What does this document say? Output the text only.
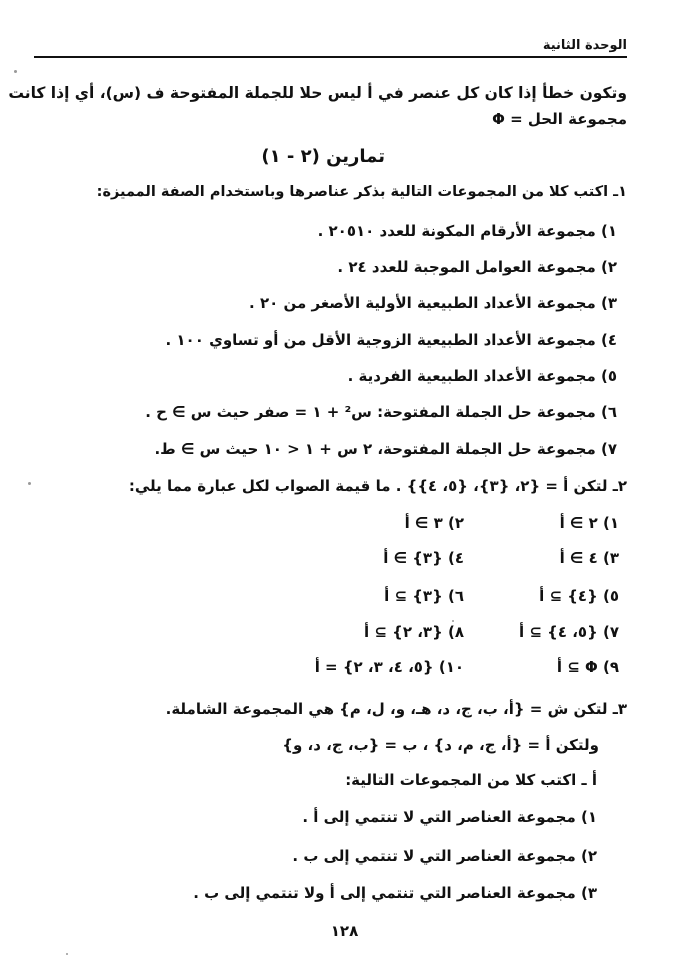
الوحدة الثانية
وتكون خطأ إذا كان كل عنصر في أ ليس حلا للجملة المفتوحة ف (س)، أي إذا كانت
مجموعة الحل = Φ
تمارين (٢ - ١)
١ـ اكتب كلا من المجموعات التالية بذكر عناصرها وباستخدام الصفة المميزة:
١) مجموعة الأرقام المكونة للعدد ٢٠٥١٠ .
٢) مجموعة العوامل الموجبة للعدد ٢٤ .
٣) مجموعة الأعداد الطبيعية الأولية الأصغر من ٢٠ .
٤) مجموعة الأعداد الطبيعية الزوجية الأقل من أو تساوي ١٠٠ .
٥) مجموعة الأعداد الطبيعية الفردية .
٦) مجموعة حل الجملة المفتوحة: س² + ١ = صفر حيث س ∋ ح .
٧) مجموعة حل الجملة المفتوحة، ٢ س + ١ < ١٠ حيث س ∋ ط.
٢ـ لتكن أ = {٢، {٣}، {٥، ٤}} . ما قيمة الصواب لكل عبارة مما يلي:
١) ٢ ∋ أ
٢) ٣ ∋ أ
٣) ٤ ∋ أ
٤) {٣} ∋ أ
٥) {٤} ⊇ أ
٦) {٣} ⊇ أ
٧) {٥، ٤} ⊇ أ
٨) {٣، ٢} ⊇ أ
٩) Φ ⊇ أ
١٠) {٥، ٤، ٣، ٢} = أ
٣ـ لتكن ش = {أ، ب، ج، د، هـ، و، ل، م} هي المجموعة الشاملة.
ولتكن أ = {أ، ج، م، د} ، ب = {ب، ج، د، و}
أ ـ اكتب كلا من المجموعات التالية:
١) مجموعة العناصر التي لا تنتمي إلى أ .
٢) مجموعة العناصر التي لا تنتمي إلى ب .
٣) مجموعة العناصر التي تنتمي إلى أ ولا تنتمي إلى ب .
١٢٨
